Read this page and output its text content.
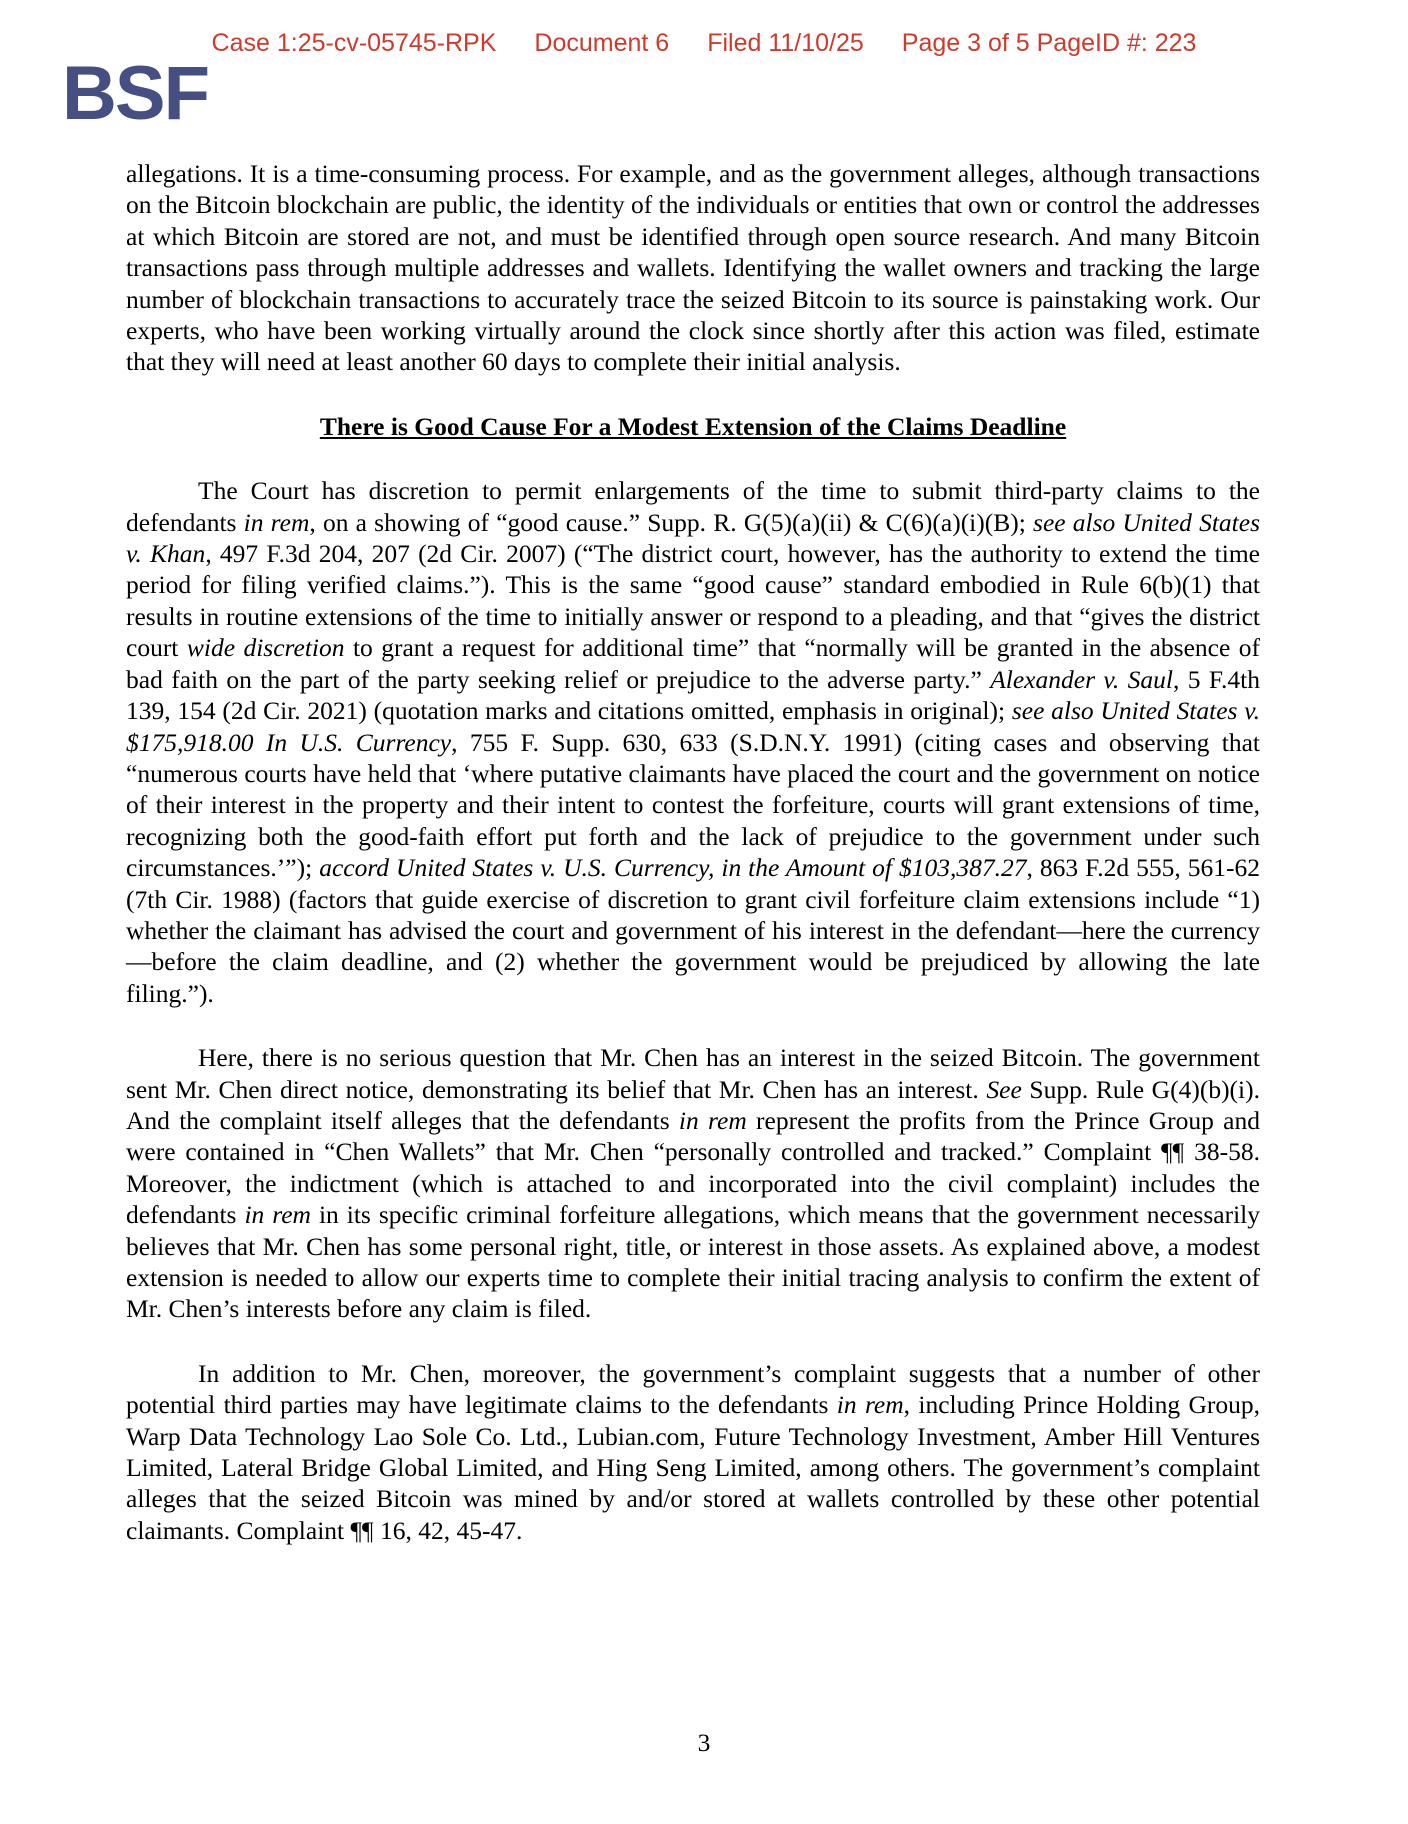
Case 1:25-cv-05745-RPK Document 6 Filed 11/10/25 Page 3 of 5 PageID #: 223
BSF

allegations. It is a time-consuming process. For example, and as the government alleges, although transactions on the Bitcoin blockchain are public, the identity of the individuals or entities that own or control the addresses at which Bitcoin are stored are not, and must be identified through open source research. And many Bitcoin transactions pass through multiple addresses and wallets. Identifying the wallet owners and tracking the large number of blockchain transactions to accurately trace the seized Bitcoin to its source is painstaking work. Our experts, who have been working virtually around the clock since shortly after this action was filed, estimate that they will need at least another 60 days to complete their initial analysis.

There is Good Cause For a Modest Extension of the Claims Deadline

The Court has discretion to permit enlargements of the time to submit third-party claims to the defendants in rem, on a showing of “good cause.” Supp. R. G(5)(a)(ii) & C(6)(a)(i)(B); see also United States v. Khan, 497 F.3d 204, 207 (2d Cir. 2007) (“The district court, however, has the authority to extend the time period for filing verified claims.”). This is the same “good cause” standard embodied in Rule 6(b)(1) that results in routine extensions of the time to initially answer or respond to a pleading, and that “gives the district court wide discretion to grant a request for additional time” that “normally will be granted in the absence of bad faith on the part of the party seeking relief or prejudice to the adverse party.” Alexander v. Saul, 5 F.4th 139, 154 (2d Cir. 2021) (quotation marks and citations omitted, emphasis in original); see also United States v. $175,918.00 In U.S. Currency, 755 F. Supp. 630, 633 (S.D.N.Y. 1991) (citing cases and observing that “numerous courts have held that ‘where putative claimants have placed the court and the government on notice of their interest in the property and their intent to contest the forfeiture, courts will grant extensions of time, recognizing both the good-faith effort put forth and the lack of prejudice to the government under such circumstances.’”); accord United States v. U.S. Currency, in the Amount of $103,387.27, 863 F.2d 555, 561-62 (7th Cir. 1988) (factors that guide exercise of discretion to grant civil forfeiture claim extensions include “1) whether the claimant has advised the court and government of his interest in the defendant—here the currency—before the claim deadline, and (2) whether the government would be prejudiced by allowing the late filing.”).

Here, there is no serious question that Mr. Chen has an interest in the seized Bitcoin. The government sent Mr. Chen direct notice, demonstrating its belief that Mr. Chen has an interest. See Supp. Rule G(4)(b)(i). And the complaint itself alleges that the defendants in rem represent the profits from the Prince Group and were contained in “Chen Wallets” that Mr. Chen “personally controlled and tracked.” Complaint ¶¶ 38-58. Moreover, the indictment (which is attached to and incorporated into the civil complaint) includes the defendants in rem in its specific criminal forfeiture allegations, which means that the government necessarily believes that Mr. Chen has some personal right, title, or interest in those assets. As explained above, a modest extension is needed to allow our experts time to complete their initial tracing analysis to confirm the extent of Mr. Chen’s interests before any claim is filed.

In addition to Mr. Chen, moreover, the government’s complaint suggests that a number of other potential third parties may have legitimate claims to the defendants in rem, including Prince Holding Group, Warp Data Technology Lao Sole Co. Ltd., Lubian.com, Future Technology Investment, Amber Hill Ventures Limited, Lateral Bridge Global Limited, and Hing Seng Limited, among others. The government’s complaint alleges that the seized Bitcoin was mined by and/or stored at wallets controlled by these other potential claimants. Complaint ¶¶ 16, 42, 45-47.

3
